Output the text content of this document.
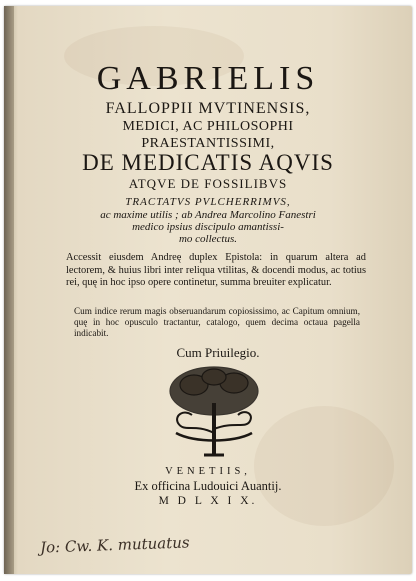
GABRIELIS
FALLOPPII MVTINENSIS,
MEDICI, AC PHILOSOPHI
PRAESTANTISSIMI,
DE MEDICATIS AQVIS
ATQVE DE FOSSILIBVS
TRACTATVS PVLCHERRIMVS,
ac maxime utilis ; ab Andrea Marcolino Fanestri
medico ipsius discipulo amantissi-
mo collectus.
Accessit eiusdem Andreę duplex Epistola: in quarum altera ad lectorem, & huius libri inter reliqua vtilitas, & docendi modus, ac totius rei, quę in hoc ipso opere continetur, summa breuiter explicatur.
Cum indice rerum magis obseruandarum copiosissimo, ac Capitum omnium, quę in hoc opusculo tractantur, catalogo, quem decima octaua pagella indicabit.
Cum Priuilegio.
VENETIIS,
Ex officina Ludouici Auantij.
M D L X I X.
Jo: Cw. K. mutuatus
